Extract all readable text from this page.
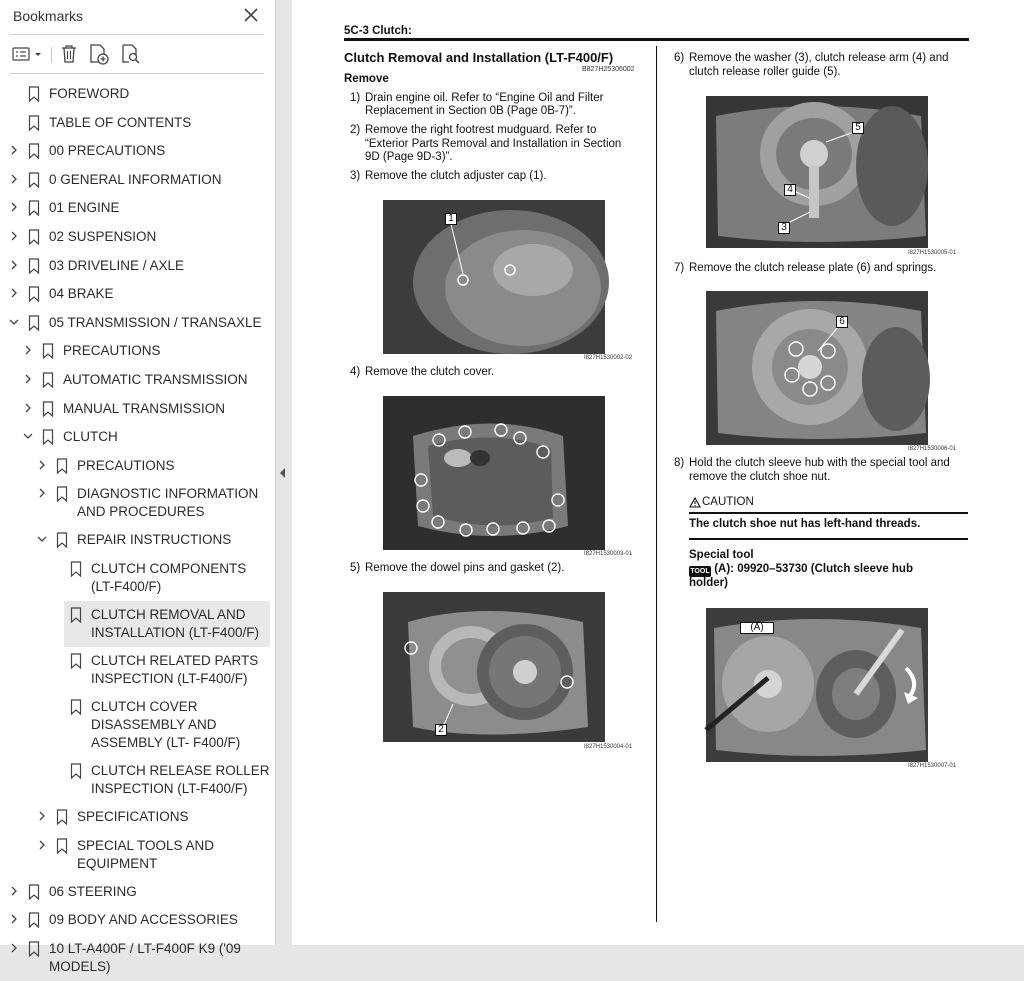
Bookmarks
FOREWORD
TABLE OF CONTENTS
00 PRECAUTIONS
0 GENERAL INFORMATION
01 ENGINE
02 SUSPENSION
03 DRIVELINE / AXLE
04 BRAKE
05 TRANSMISSION / TRANSAXLE
PRECAUTIONS
AUTOMATIC TRANSMISSION
MANUAL TRANSMISSION
CLUTCH
PRECAUTIONS
DIAGNOSTIC INFORMATION
AND PROCEDURES
REPAIR INSTRUCTIONS
CLUTCH COMPONENTS
(LT-F400/F)
CLUTCH REMOVAL AND
INSTALLATION (LT-F400/F)
CLUTCH RELATED PARTS
INSPECTION (LT-F400/F)
CLUTCH COVER
DISASSEMBLY AND
ASSEMBLY (LT- F400/F)
CLUTCH RELEASE ROLLER
INSPECTION (LT-F400/F)
SPECIFICATIONS
SPECIAL TOOLS AND
EQUIPMENT
06 STEERING
09 BODY AND ACCESSORIES
10 LT-A400F / LT-F400F K9 ('09
MODELS)
5C-3 Clutch:
Clutch Removal and Installation (LT-F400/F)
B827H25306002
Remove
1) Drain engine oil. Refer to “Engine Oil and Filter
Replacement in Section 0B (Page 0B-7)”.
2) Remove the right footrest mudguard. Refer to
“Exterior Parts Removal and Installation in Section
9D (Page 9D-3)”.
3) Remove the clutch adjuster cap (1).
1
I827H1530002-02
4) Remove the clutch cover.
I827H1530003-01
5) Remove the dowel pins and gasket (2).
2
I827H1530004-01
6) Remove the washer (3), clutch release arm (4) and
clutch release roller guide (5).
5
4
3
I827H1530005-01
7) Remove the clutch release plate (6) and springs.
6
I827H1530006-01
8) Hold the clutch sleeve hub with the special tool and
remove the clutch shoe nut.
CAUTION
The clutch shoe nut has left-hand threads.
Special tool
TOOL (A): 09920–53730 (Clutch sleeve hub
holder)
(A)
I827H1530007-01
